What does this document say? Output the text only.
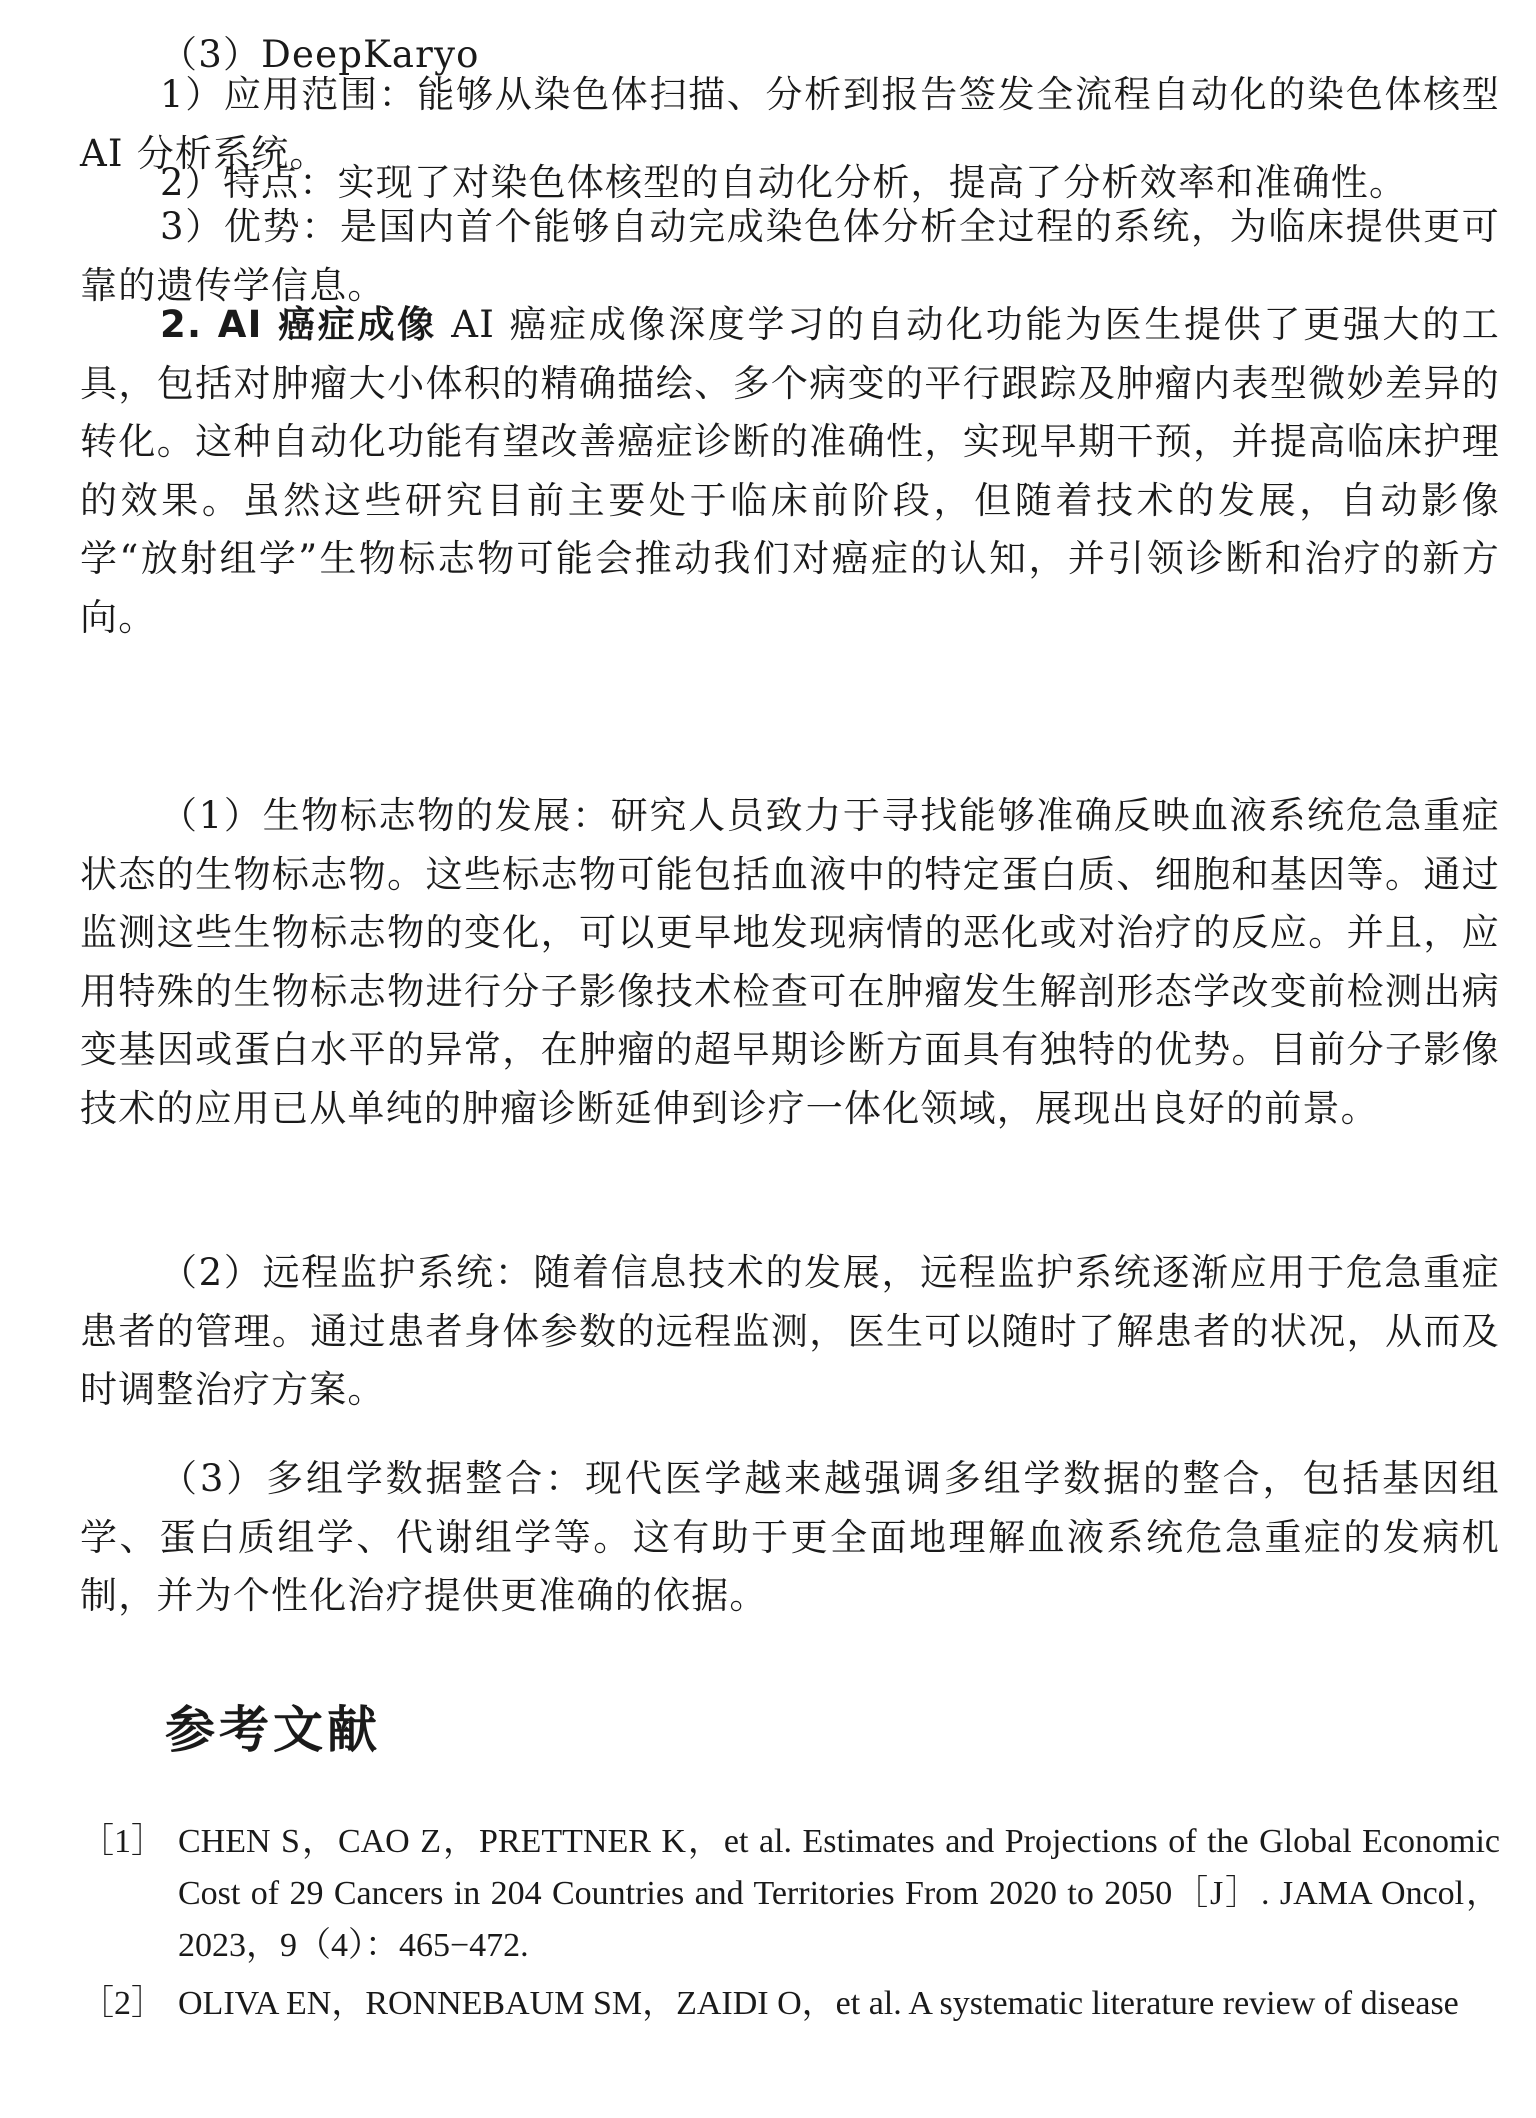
（3）DeepKaryo
1）应用范围：能够从染色体扫描、分析到报告签发全流程自动化的染色体核型 AI 分析系统。
2）特点：实现了对染色体核型的自动化分析，提高了分析效率和准确性。
3）优势：是国内首个能够自动完成染色体分析全过程的系统，为临床提供更可靠的遗传学信息。
2. AI 癌症成像 AI 癌症成像深度学习的自动化功能为医生提供了更强大的工具，包括对肿瘤大小体积的精确描绘、多个病变的平行跟踪及肿瘤内表型微妙差异的转化。这种自动化功能有望改善癌症诊断的准确性，实现早期干预，并提高临床护理的效果。虽然这些研究目前主要处于临床前阶段，但随着技术的发展，自动影像学“放射组学”生物标志物可能会推动我们对癌症的认知，并引领诊断和治疗的新方向。
（1）生物标志物的发展：研究人员致力于寻找能够准确反映血液系统危急重症状态的生物标志物。这些标志物可能包括血液中的特定蛋白质、细胞和基因等。通过监测这些生物标志物的变化，可以更早地发现病情的恶化或对治疗的反应。并且，应用特殊的生物标志物进行分子影像技术检查可在肿瘤发生解剖形态学改变前检测出病变基因或蛋白水平的异常，在肿瘤的超早期诊断方面具有独特的优势。目前分子影像技术的应用已从单纯的肿瘤诊断延伸到诊疗一体化领域，展现出良好的前景。
（2）远程监护系统：随着信息技术的发展，远程监护系统逐渐应用于危急重症患者的管理。通过患者身体参数的远程监测，医生可以随时了解患者的状况，从而及时调整治疗方案。
（3）多组学数据整合：现代医学越来越强调多组学数据的整合，包括基因组学、蛋白质组学、代谢组学等。这有助于更全面地理解血液系统危急重症的发病机制，并为个性化治疗提供更准确的依据。
参考文献
［1］ CHEN S，CAO Z，PRETTNER K，et al. Estimates and Projections of the Global Economic Cost of 29 Cancers in 204 Countries and Territories From 2020 to 2050［J］. JAMA Oncol，2023，9（4）：465−472.
［2］ OLIVA EN，RONNEBAUM SM，ZAIDI O，et al. A systematic literature review of disease
